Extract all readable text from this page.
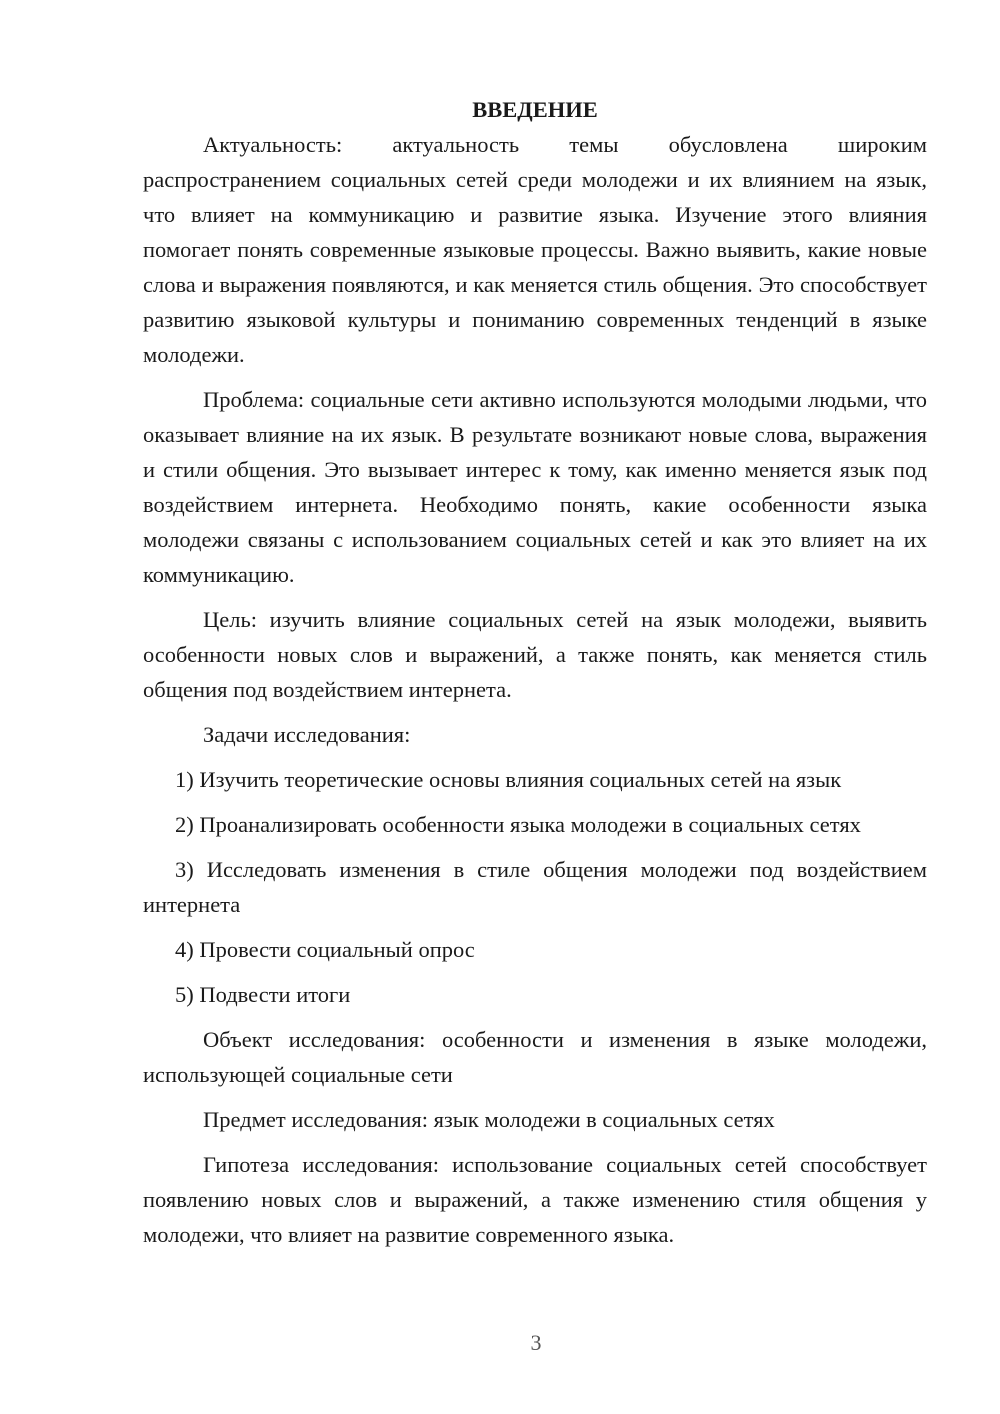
ВВЕДЕНИЕ

Актуальность: актуальность темы обусловлена широким распространением социальных сетей среди молодежи и их влиянием на язык, что влияет на коммуникацию и развитие языка. Изучение этого влияния помогает понять современные языковые процессы. Важно выявить, какие новые слова и выражения появляются, и как меняется стиль общения. Это способствует развитию языковой культуры и пониманию современных тенденций в языке молодежи.

Проблема: социальные сети активно используются молодыми людьми, что оказывает влияние на их язык. В результате возникают новые слова, выражения и стили общения. Это вызывает интерес к тому, как именно меняется язык под воздействием интернета. Необходимо понять, какие особенности языка молодежи связаны с использованием социальных сетей и как это влияет на их коммуникацию.

Цель: изучить влияние социальных сетей на язык молодежи, выявить особенности новых слов и выражений, а также понять, как меняется стиль общения под воздействием интернета.

Задачи исследования:

1) Изучить теоретические основы влияния социальных сетей на язык

2) Проанализировать особенности языка молодежи в социальных сетях

3) Исследовать изменения в стиле общения молодежи под воздействием интернета

4) Провести социальный опрос

5) Подвести итоги

Объект исследования: особенности и изменения в языке молодежи, использующей социальные сети

Предмет исследования: язык молодежи в социальных сетях

Гипотеза исследования: использование социальных сетей способствует появлению новых слов и выражений, а также изменению стиля общения у молодежи, что влияет на развитие современного языка.

3
